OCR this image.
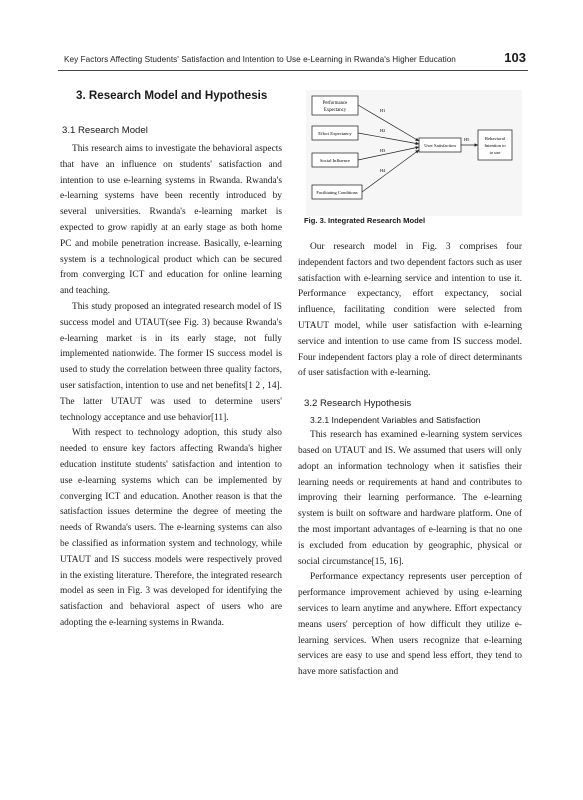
Key Factors Affecting Students' Satisfaction and Intention to Use e-Learning in Rwanda's Higher Education	103
3. Research Model and Hypothesis
3.1 Research Model

This research aims to investigate the behavioral aspects that have an influence on students' satisfaction and intention to use e-learning systems in Rwanda. Rwanda's e-learning systems have been recently introduced by several universities. Rwanda's e-learning market is expected to grow rapidly at an early stage as both home PC and mobile penetration increase. Basically, e-learning system is a technological product which can be secured from converging ICT and education for online learning and teaching.

This study proposed an integrated research model of IS success model and UTAUT(see Fig. 3) because Rwanda's e-learning market is in its early stage, not fully implemented nationwide. The former IS success model is used to study the correlation between three quality factors, user satisfaction, intention to use and net benefits[1 2 , 14]. The latter UTAUT was used to determine users' technology acceptance and use behavior[11].

With respect to technology adoption, this study also needed to ensure key factors affecting Rwanda's higher education institute students' satisfaction and intention to use e-learning systems which can be implemented by converging ICT and education. Another reason is that the satisfaction issues determine the degree of meeting the needs of Rwanda's users. The e-learning systems can also be classified as information system and technology, while UTAUT and IS success models were respectively proved in the existing literature. Therefore, the integrated research model as seen in Fig. 3 was developed for identifying the satisfaction and behavioral aspect of users who are adopting the e-learning systems in Rwanda.

Performance
Expectancy
Effort Expectancy
Social Influence
Facilitating Conditions
User Satisfaction
Behavioral
Intention to
to use
H1
H2
H3
H4
H5
Fig. 3. Integrated Research Model

Our research model in Fig. 3 comprises four independent factors and two dependent factors such as user satisfaction with e-learning service and intention to use it. Performance expectancy, effort expectancy, social influence, facilitating condition were selected from UTAUT model, while user satisfaction with e-learning service and intention to use came from IS success model. Four independent factors play a role of direct determinants of user satisfaction with e-learning.

3.2 Research Hypothesis
3.2.1 Independent Variables and Satisfaction

This research has examined e-learning system services based on UTAUT and IS. We assumed that users will only adopt an information technology when it satisfies their learning needs or requirements at hand and contributes to improving their learning performance. The e-learning system is built on software and hardware platform. One of the most important advantages of e-learning is that no one is excluded from education by geographic, physical or social circumstance[15, 16].

Performance expectancy represents user perception of performance improvement achieved by using e-learning services to learn anytime and anywhere. Effort expectancy means users' perception of how difficult they utilize e-learning services. When users recognize that e-learning services are easy to use and spend less effort, they tend to have more satisfaction and
